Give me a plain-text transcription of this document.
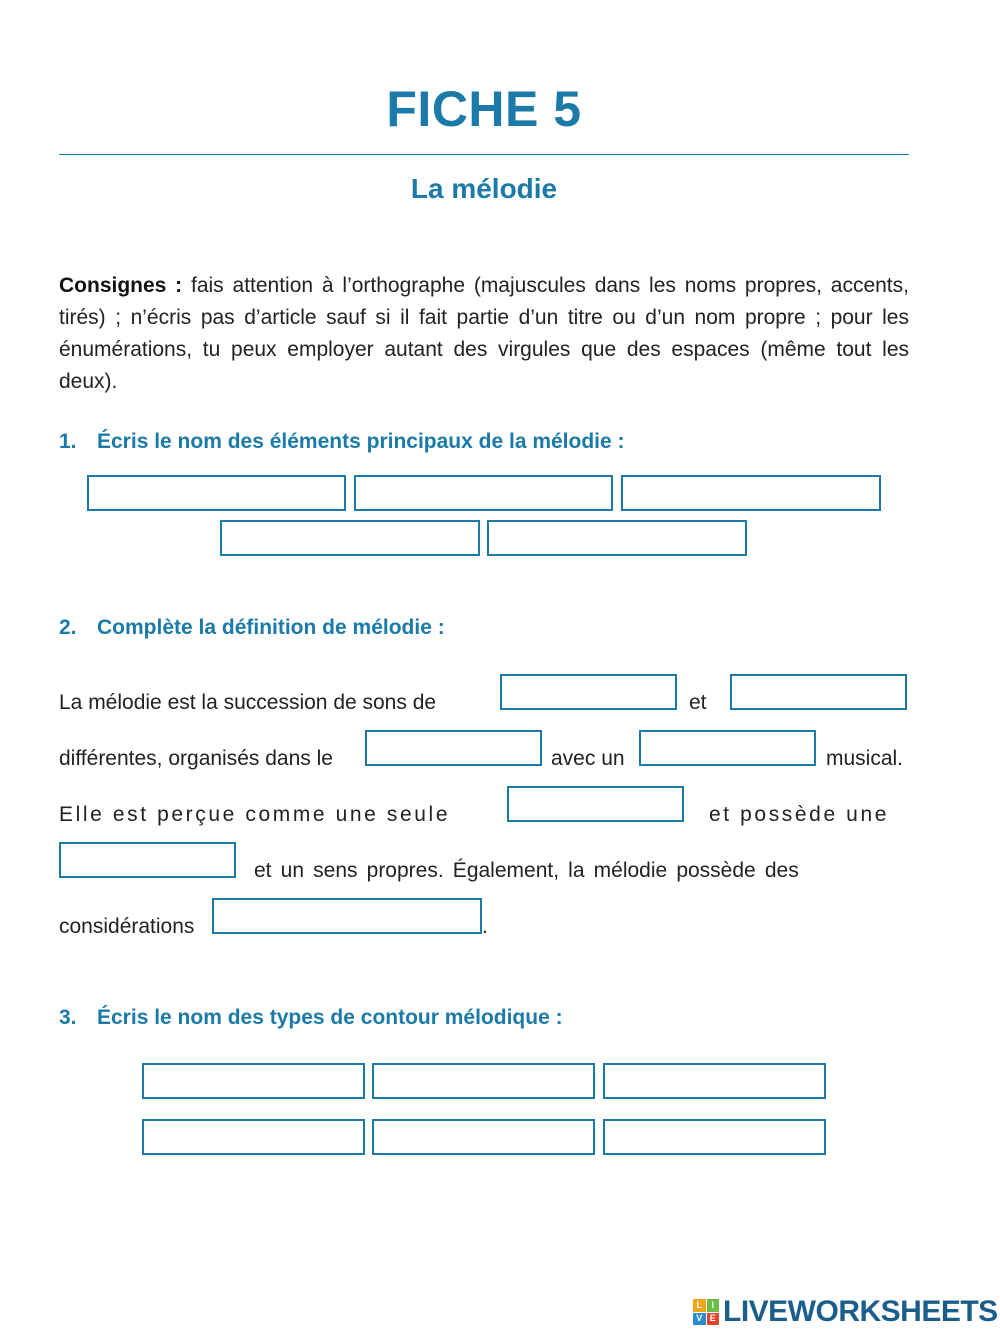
FICHE 5
La mélodie
Consignes : fais attention à l’orthographe (majuscules dans les noms propres, accents, tirés) ; n’écris pas d’article sauf si il fait partie d’un titre ou d’un nom propre ; pour les énumérations, tu peux employer autant des virgules que des espaces (même tout les deux).
1. Écris le nom des éléments principaux de la mélodie :
2. Complète la définition de mélodie :
La mélodie est la succession de sons de	et
différentes, organisés dans le	avec un	musical.
Elle est perçue comme une seule	et possède une
et un sens propres. Également, la mélodie possède des
considérations	.
3. Écris le nom des types de contour mélodique :
L	I
V E LIVEWORKSHEETS
